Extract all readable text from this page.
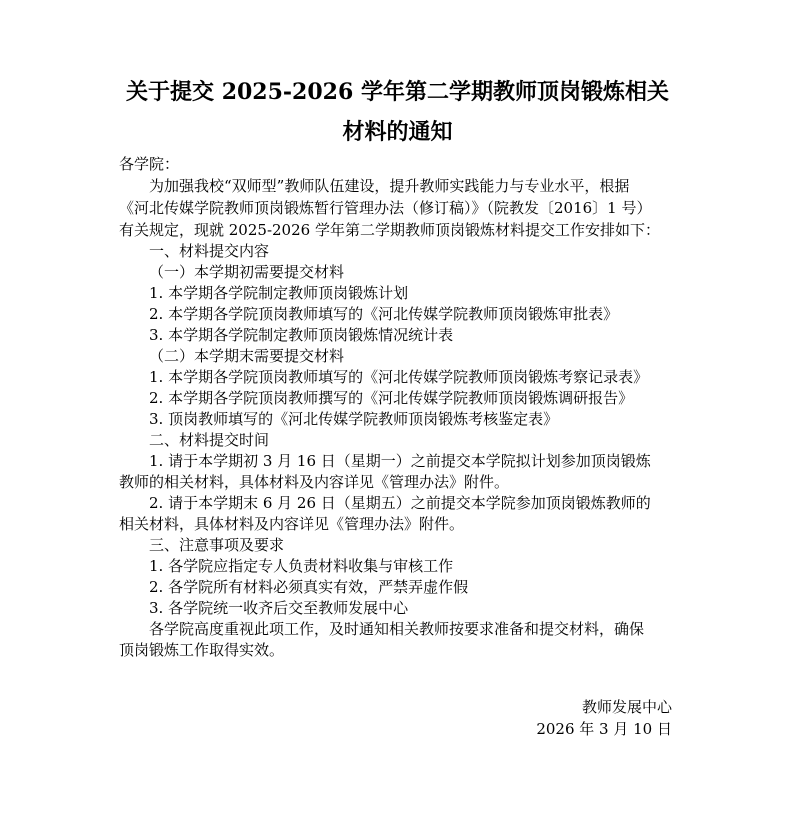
关于提交 2025-2026 学年第二学期教师顶岗锻炼相关
材料的通知
各学院：
为加强我校“双师型”教师队伍建设，提升教师实践能力与专业水平，根据
《河北传媒学院教师顶岗锻炼暂行管理办法（修订稿）》（院教发〔2016〕1 号）
有关规定，现就 2025-2026 学年第二学期教师顶岗锻炼材料提交工作安排如下：
一、材料提交内容
（一）本学期初需要提交材料
1. 本学期各学院制定教师顶岗锻炼计划
2. 本学期各学院顶岗教师填写的《河北传媒学院教师顶岗锻炼审批表》
3. 本学期各学院制定教师顶岗锻炼情况统计表
（二）本学期末需要提交材料
1. 本学期各学院顶岗教师填写的《河北传媒学院教师顶岗锻炼考察记录表》
2. 本学期各学院顶岗教师撰写的《河北传媒学院教师顶岗锻炼调研报告》
3. 顶岗教师填写的《河北传媒学院教师顶岗锻炼考核鉴定表》
二、材料提交时间
1. 请于本学期初 3 月 16 日（星期一）之前提交本学院拟计划参加顶岗锻炼
教师的相关材料，具体材料及内容详见《管理办法》附件。
2. 请于本学期末 6 月 26 日（星期五）之前提交本学院参加顶岗锻炼教师的
相关材料，具体材料及内容详见《管理办法》附件。
三、注意事项及要求
1. 各学院应指定专人负责材料收集与审核工作
2. 各学院所有材料必须真实有效，严禁弄虚作假
3. 各学院统一收齐后交至教师发展中心
各学院高度重视此项工作，及时通知相关教师按要求准备和提交材料，确保
顶岗锻炼工作取得实效。
教师发展中心
2026 年 3 月 10 日
